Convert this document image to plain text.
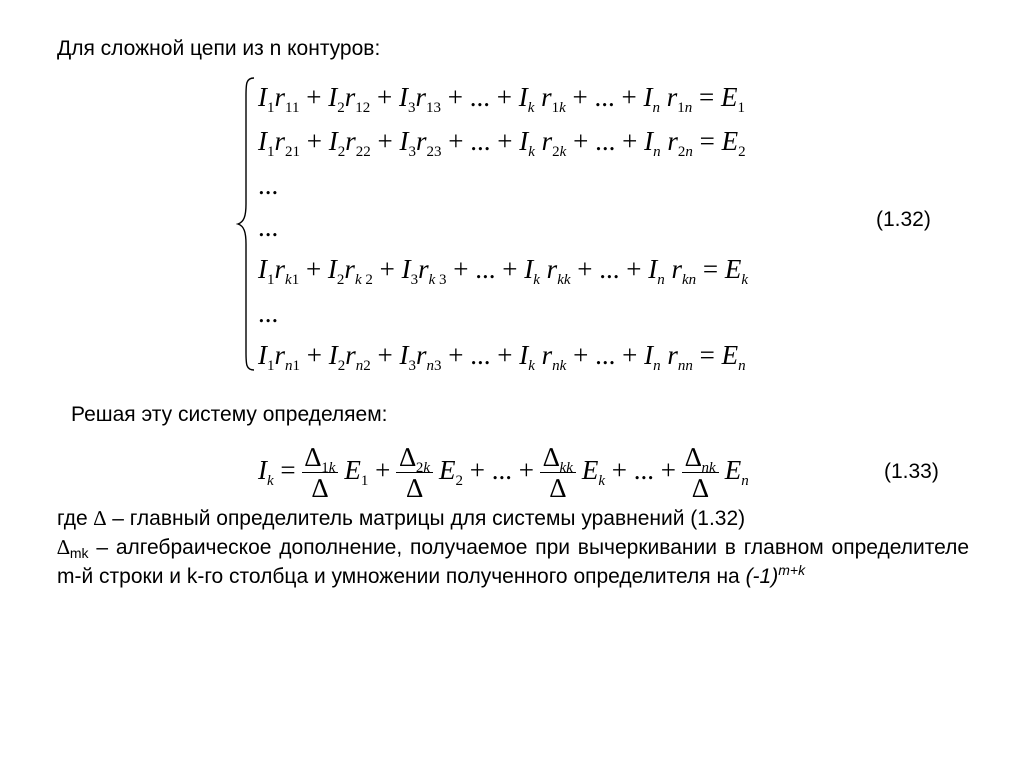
Для сложной цепи из n контуров:
$I_1r_{11} + I_2r_{12} + I_3r_{13}$ + ... + $I_k$ $r_{1k}$ + ... + $I_n$ $r_{1n} = E_1$
$I_1r_{21} + I_2r_{22} + I_3r_{23}$ + ... + $I_k$ $r_{2k}$ + ... + $I_n$ $r_{2n} = E_2$
...
...	(1.32)
$I_1r_{k1} + I_2r_{k 2} + I_3r_{k 3}$ + ... + $I_k$ $r_{kk}$ + ... + $I_n$ $r_{kn} = E_k$
...
$I_1r_{n1} + I_2r_{n2} + I_3r_{n3}$ + ... + $I_k$ $r_{nk}$ + ... + $I_n$ $r_{nn} = E_n$
Решая эту систему определяем:
$I_k = \frac{\Delta_{1k}}{\Delta} E_1 + \frac{\Delta_{2k}}{\Delta} E_2$ + ... + $\frac{\Delta_{kk}}{\Delta} E_k$ + ... + $\frac{\Delta_{nk}}{\Delta} E_n$	(1.33)

где ∆ – главный определитель матрицы для системы уравнений (1.32)

$\Delta_{mk}$ – алгебраическое дополнение, получаемое при вычеркивании в главном определителе m-й строки и k-го столбца и умножении полученного определителя на $(-1)^{m+k}$
